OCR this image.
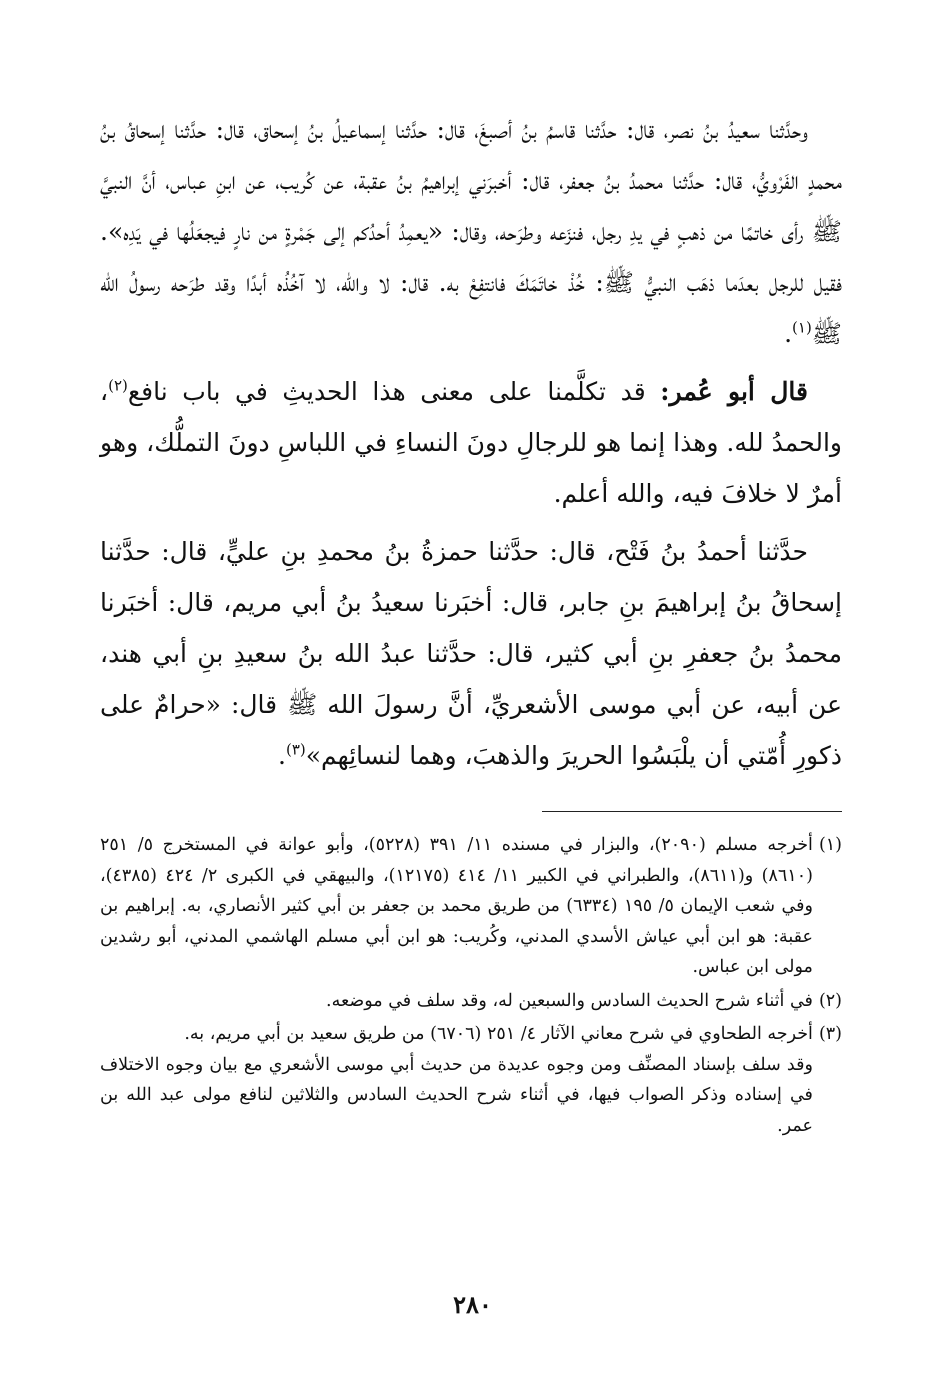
وحدَّثنا سعيدُ بنُ نصر، قال: حدَّثنا قاسمُ بنُ أصبغَ، قال: حدَّثنا إسماعيلُ بنُ إسحاق، قال: حدَّثنا إسحاقُ بنُ محمدٍ الفَرْويُّ، قال: حدَّثنا محمدُ بنُ جعفر، قال: أخبرَني إبراهيمُ بنُ عقبة، عن كُريب، عن ابنِ عباس، أنَّ النبيَّ ﷺ رأى خاتمًا من ذهبٍ في يدِ رجل، فنزَعه وطرَحه، وقال: «يعمِدُ أحدُكم إلى جَمْرةٍ من نارٍ فيجعَلُها في يَدِه». فقيل للرجل بعدَما ذهَب النبيُّ ﷺ: خُذْ خاتَمَكَ فانتفِعْ به. قال: لا والله، لا آخُذُه أبدًا وقد طرَحه رسولُ الله ﷺ$^{(١)}$.

قال أبو عُمر: قد تكلَّمنا على معنى هذا الحديثِ في باب نافع$^{(٢)}$، والحمدُ لله. وهذا إنما هو للرجالِ دونَ النساءِ في اللباسِ دونَ التملُّك، وهو أمرٌ لا خلافَ فيه، والله أعلم.

حدَّثنا أحمدُ بنُ فَتْح، قال: حدَّثنا حمزةُ بنُ محمدِ بنِ عليٍّ، قال: حدَّثنا إسحاقُ بنُ إبراهيمَ بنِ جابر، قال: أخبَرنا سعيدُ بنُ أبي مريم، قال: أخبَرنا محمدُ بنُ جعفرِ بنِ أبي كثير، قال: حدَّثنا عبدُ الله بنُ سعيدِ بنِ أبي هند، عن أبيه، عن أبي موسى الأشعريِّ، أنَّ رسولَ الله ﷺ قال: «حرامٌ على ذكورِ أُمّتي أن يلْبَسُوا الحريرَ والذهبَ، وهما لنسائِهم»$^{(٣)}$.

(١)
أخرجه مسلم (٢٠٩٠)، والبزار في مسنده ١١/ ٣٩١ (٥٢٢٨)، وأبو عوانة في المستخرج ٥/ ٢٥١ (٨٦١٠) و(٨٦١١)، والطبراني في الكبير ١١/ ٤١٤ (١٢١٧٥)، والبيهقي في الكبرى ٢/ ٤٢٤ (٤٣٨٥)، وفي شعب الإيمان ٥/ ١٩٥ (٦٣٣٤) من طريق محمد بن جعفر بن أبي كثير الأنصاري، به. إبراهيم بن عقبة: هو ابن أبي عياش الأسدي المدني، وكُريب: هو ابن أبي مسلم الهاشمي المدني، أبو رشدين مولى ابن عباس.
(٢)
في أثناء شرح الحديث السادس والسبعين له، وقد سلف في موضعه.
(٣)
أخرجه الطحاوي في شرح معاني الآثار ٤/ ٢٥١ (٦٧٠٦) من طريق سعيد بن أبي مريم، به.
وقد سلف بإسناد المصنِّف ومن وجوه عديدة من حديث أبي موسى الأشعري مع بيان وجوه الاختلاف في إسناده وذكر الصواب فيها، في أثناء شرح الحديث السادس والثلاثين لنافع مولى عبد الله بن عمر.
٢٨٠
